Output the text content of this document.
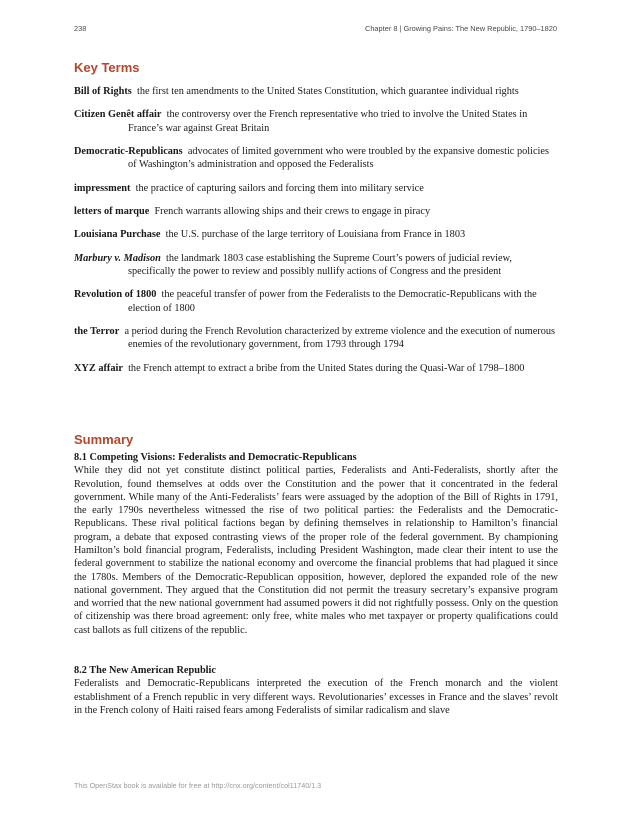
238	Chapter 8 | Growing Pains: The New Republic, 1790–1820
Key Terms

Bill of Rights the first ten amendments to the United States Constitution, which guarantee individual rights

Citizen Genêt affair the controversy over the French representative who tried to involve the United States in France’s war against Great Britain

Democratic-Republicans advocates of limited government who were troubled by the expansive domestic policies of Washington’s administration and opposed the Federalists

impressment the practice of capturing sailors and forcing them into military service

letters of marque French warrants allowing ships and their crews to engage in piracy

Louisiana Purchase the U.S. purchase of the large territory of Louisiana from France in 1803

Marbury v. Madison the landmark 1803 case establishing the Supreme Court’s powers of judicial review, specifically the power to review and possibly nullify actions of Congress and the president

Revolution of 1800 the peaceful transfer of power from the Federalists to the Democratic-Republicans with the election of 1800

the Terror a period during the French Revolution characterized by extreme violence and the execution of numerous enemies of the revolutionary government, from 1793 through 1794

XYZ affair the French attempt to extract a bribe from the United States during the Quasi-War of 1798–1800

Summary

8.1 Competing Visions: Federalists and Democratic-Republicans

While they did not yet constitute distinct political parties, Federalists and Anti-Federalists, shortly after the Revolution, found themselves at odds over the Constitution and the power that it concentrated in the federal government. While many of the Anti-Federalists’ fears were assuaged by the adoption of the Bill of Rights in 1791, the early 1790s nevertheless witnessed the rise of two political parties: the Federalists and the Democratic-Republicans. These rival political factions began by defining themselves in relationship to Hamilton’s financial program, a debate that exposed contrasting views of the proper role of the federal government. By championing Hamilton’s bold financial program, Federalists, including President Washington, made clear their intent to use the federal government to stabilize the national economy and overcome the financial problems that had plagued it since the 1780s. Members of the Democratic-Republican opposition, however, deplored the expanded role of the new national government. They argued that the Constitution did not permit the treasury secretary’s expansive program and worried that the new national government had assumed powers it did not rightfully possess. Only on the question of citizenship was there broad agreement: only free, white males who met taxpayer or property qualifications could cast ballots as full citizens of the republic.

8.2 The New American Republic

Federalists and Democratic-Republicans interpreted the execution of the French monarch and the violent establishment of a French republic in very different ways. Revolutionaries’ excesses in France and the slaves’ revolt in the French colony of Haiti raised fears among Federalists of similar radicalism and slave

This OpenStax book is available for free at http://cnx.org/content/col11740/1.3
